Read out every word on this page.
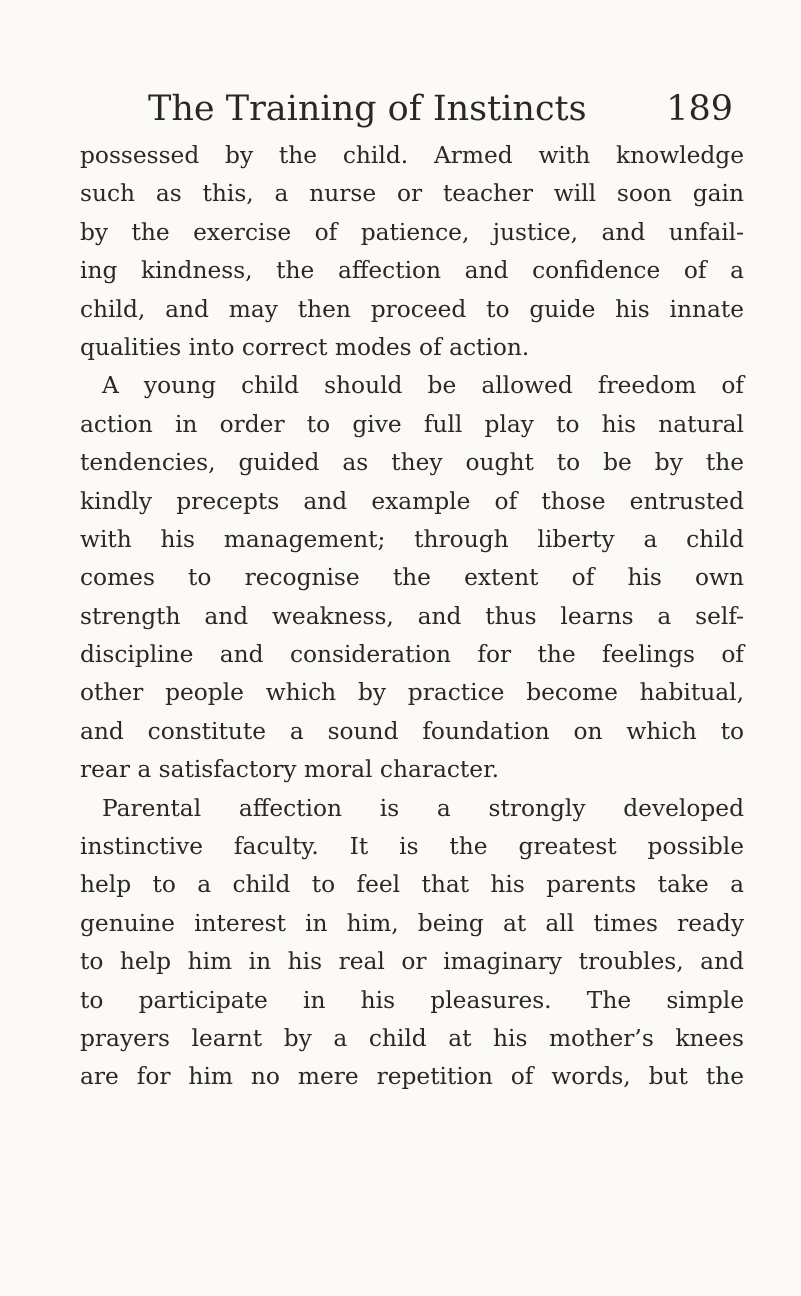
The Training of Instincts 189
possessed by the child. Armed with knowledge
such as this, a nurse or teacher will soon gain
by the exercise of patience, justice, and unfail-
ing kindness, the affection and confidence of a
child, and may then proceed to guide his innate
qualities into correct modes of action.
A young child should be allowed freedom of
action in order to give full play to his natural
tendencies, guided as they ought to be by the
kindly precepts and example of those entrusted
with his management; through liberty a child
comes to recognise the extent of his own
strength and weakness, and thus learns a self-
discipline and consideration for the feelings of
other people which by practice become habitual,
and constitute a sound foundation on which to
rear a satisfactory moral character.
Parental affection is a strongly developed
instinctive faculty. It is the greatest possible
help to a child to feel that his parents take a
genuine interest in him, being at all times ready
to help him in his real or imaginary troubles, and
to participate in his pleasures. The simple
prayers learnt by a child at his mother’s knees
are for him no mere repetition of words, but the
